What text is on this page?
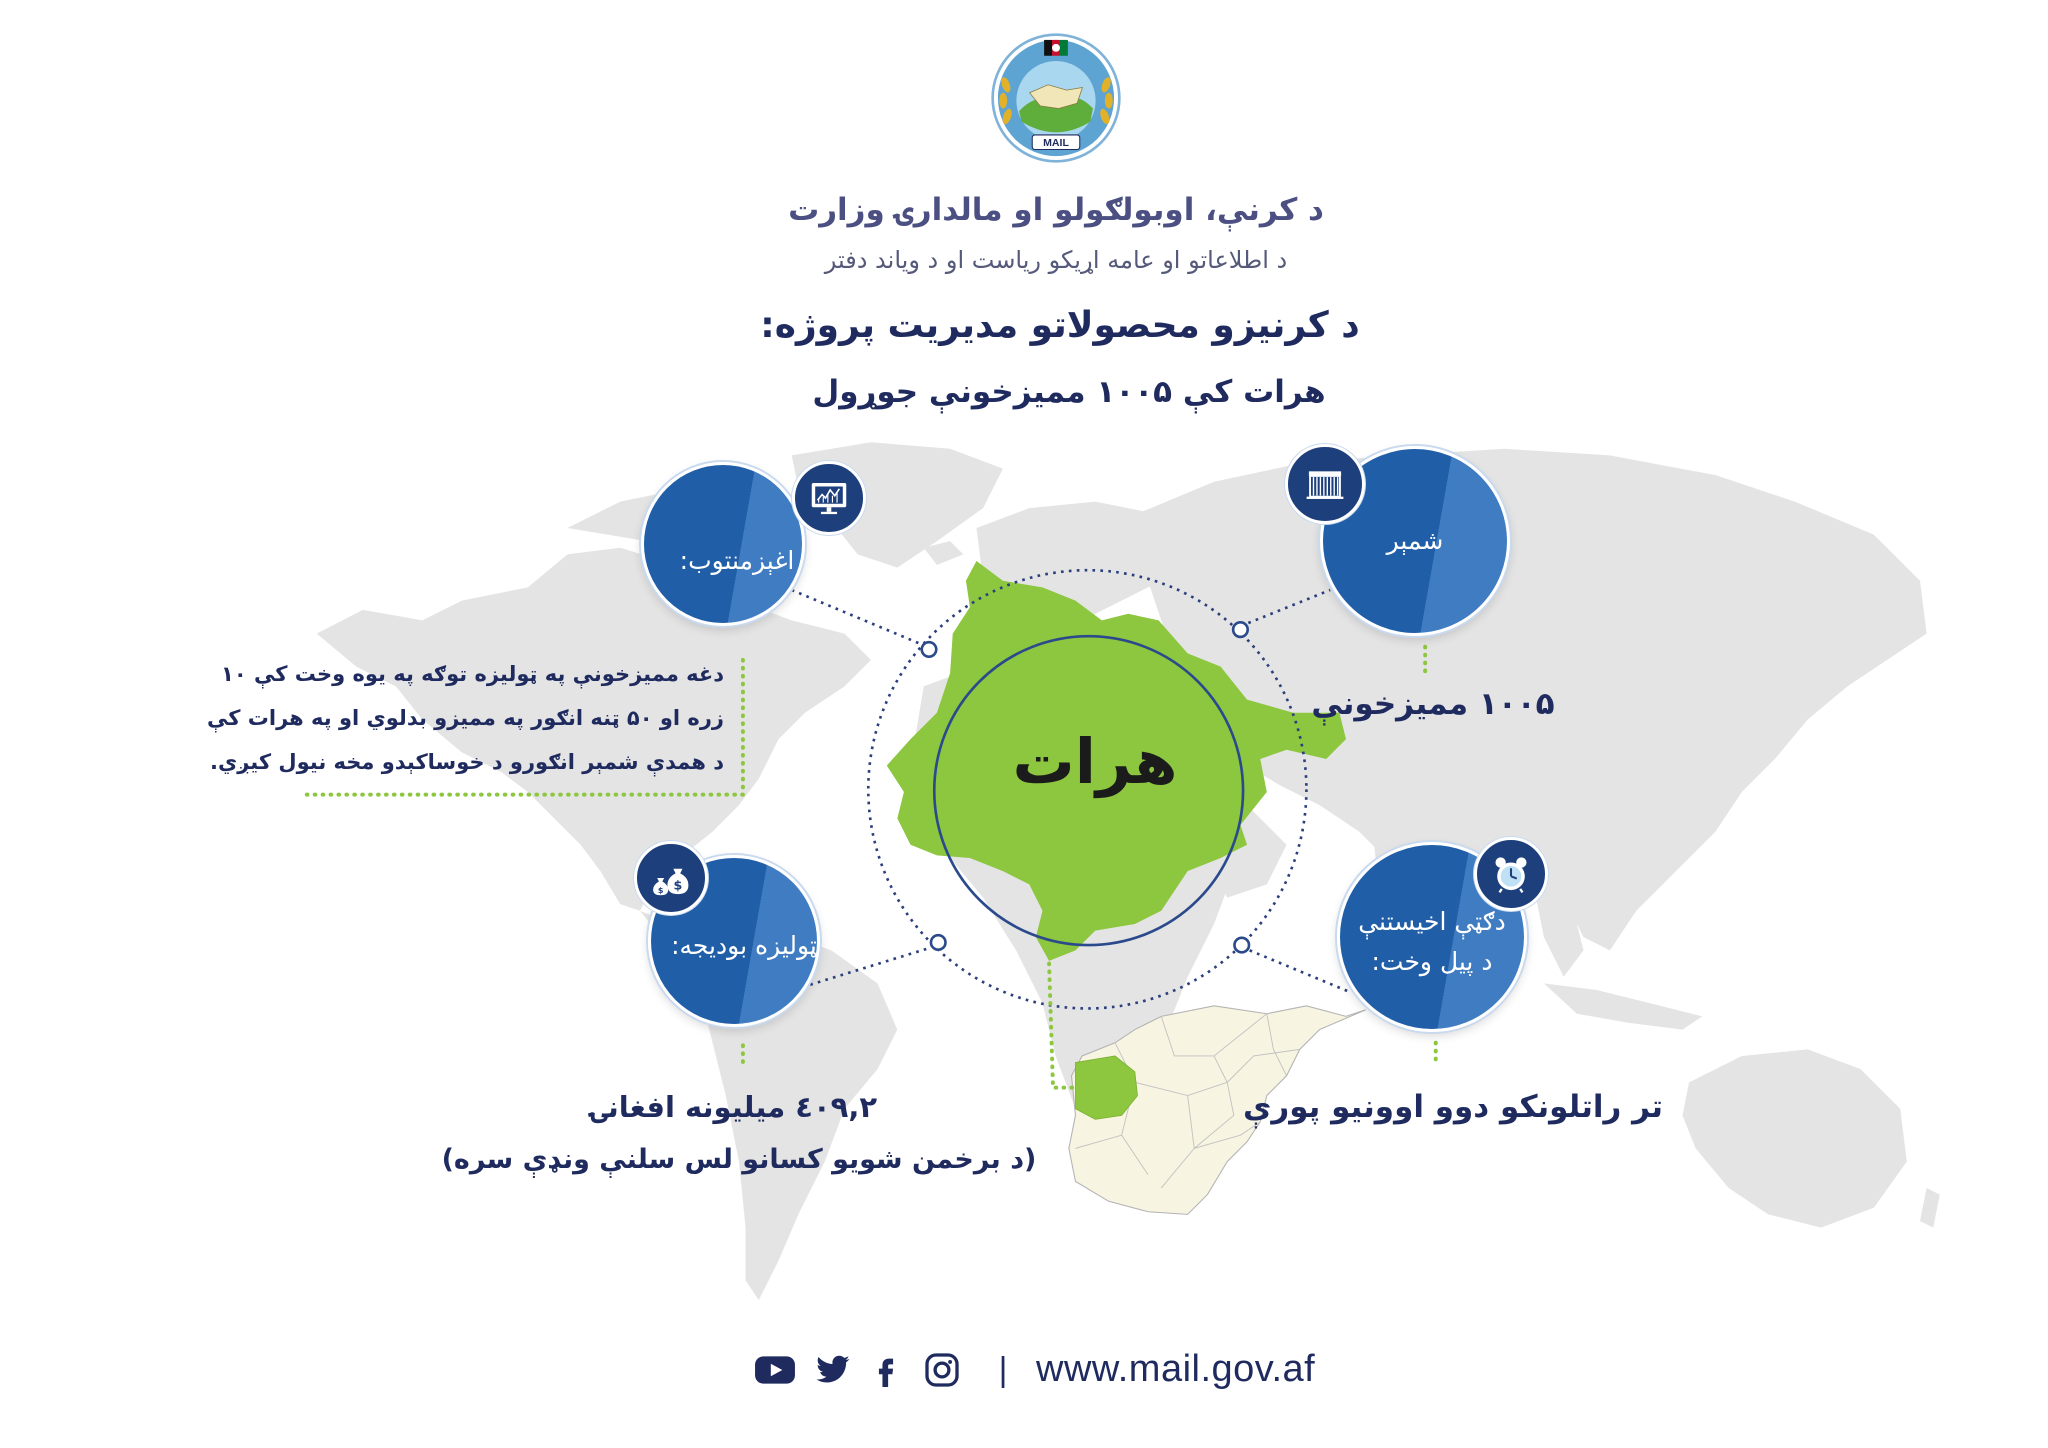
MAIL
د کرنې، اوبولګولو او مالدارۍ وزارت
د اطلاعاتو او عامه اړیکو ریاست او د ویاند دفتر
د کرنیزو محصولاتو مدیریت پروژه:
هرات کې ۱۰۰۵ ممیزخونې جوړول
هرات
اغېزمنتوب:
شمېر
ټولیزه بودیجه:
$
$
دګټې اخیستنې
د پیل وخت:
دغه ممیزخونې په ټولیزه توګه په یوه وخت کې ۱۰
زره او ۵۰ ټنه انګور په ممیزو بدلوي او په هرات کې
د همدې شمېر انګورو د خوساکېدو مخه نیول کیږي.
۱۰۰۵ ممیزخونې
٤٠٩,٢ میلیونه افغانۍ
(د برخمن شویو کسانو لس سلنې ونډې سره)
تر راتلونکو دوو اوونیو پورې
| www.mail.gov.af
